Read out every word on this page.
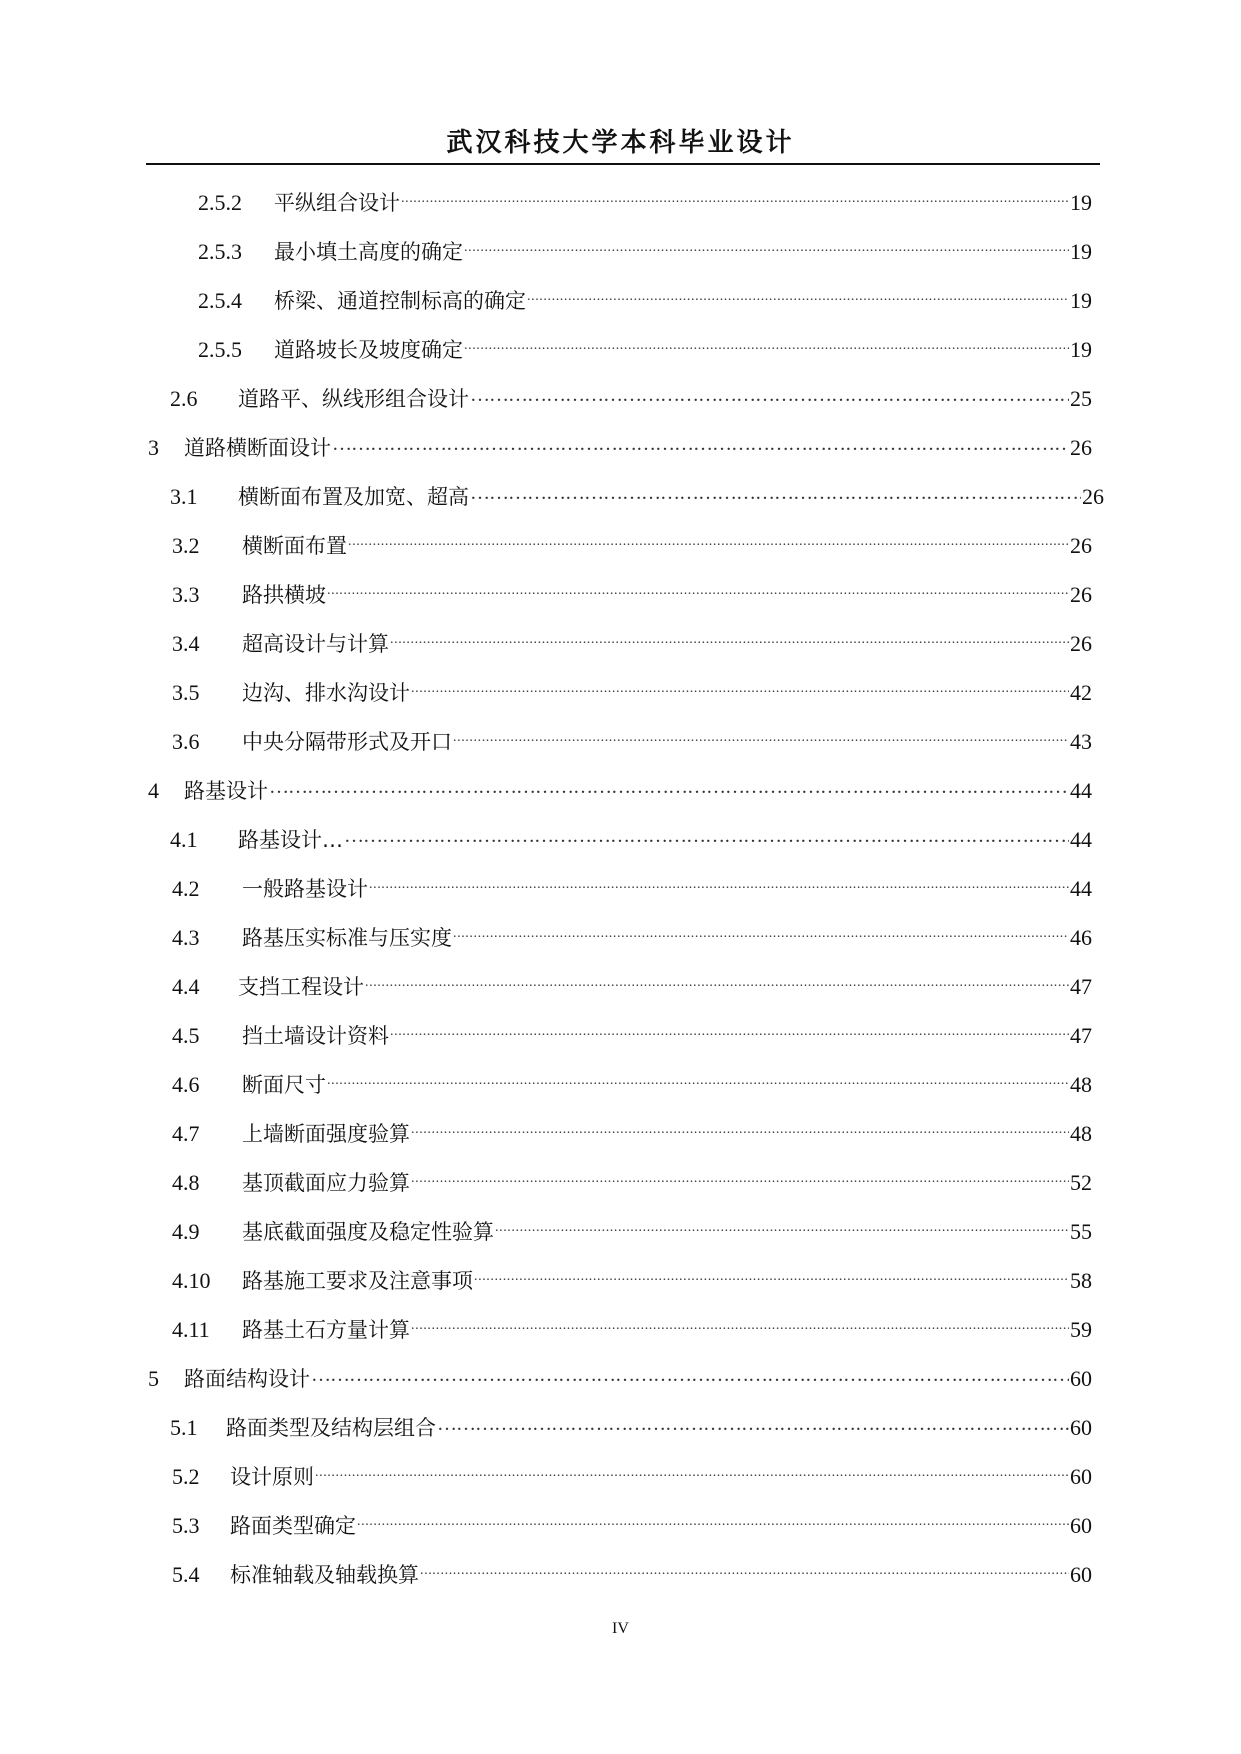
武汉科技大学本科毕业设计
2.5.2	平纵组合设计 .....	19
2.5.3	最小填土高度的确定 .....	19
2.5.4	桥梁、通道控制标高的确定 .....	19
2.5.5	道路坡长及坡度确定 .....	19
2.6	道路平、纵线形组合设计 …………………………………………………………………………………………………………………………………………………………………………………………………	25
3	道路横断面设计 …………………………………………………………………………………………………………………………………………………………………………………………………	26
3.1	横断面布置及加宽、超高 …………………………………………………………………………………………………………………………………………………………………………………………………	26
3.2	横断面布置 .....	26
3.3	路拱横坡 .....	26
3.4	超高设计与计算 .....	26
3.5	边沟、排水沟设计 .....	42
3.6	中央分隔带形式及开口 .....	43
4	路基设计 …………………………………………………………………………………………………………………………………………………………………………………………………	44
4.1	路基设计… …………………………………………………………………………………………………………………………………………………………………………………………………	44
4.2	一般路基设计 .....	44
4.3	路基压实标准与压实度 .....	46
4.4	支挡工程设计 .....	47
4.5	挡土墙设计资料 .....	47
4.6	断面尺寸 .....	48
4.7	上墙断面强度验算 .....	48
4.8	基顶截面应力验算 .....	52
4.9	基底截面强度及稳定性验算 .....	55
4.10	路基施工要求及注意事项 .....	58
4.11	路基土石方量计算 .....	59
5	路面结构设计 …………………………………………………………………………………………………………………………………………………………………………………………………	60
5.1	路面类型及结构层组合 …………………………………………………………………………………………………………………………………………………………………………………………………	60
5.2	设计原则 .....	60
5.3	路面类型确定 .....	60
5.4	标准轴载及轴载换算 .....	60
IV
